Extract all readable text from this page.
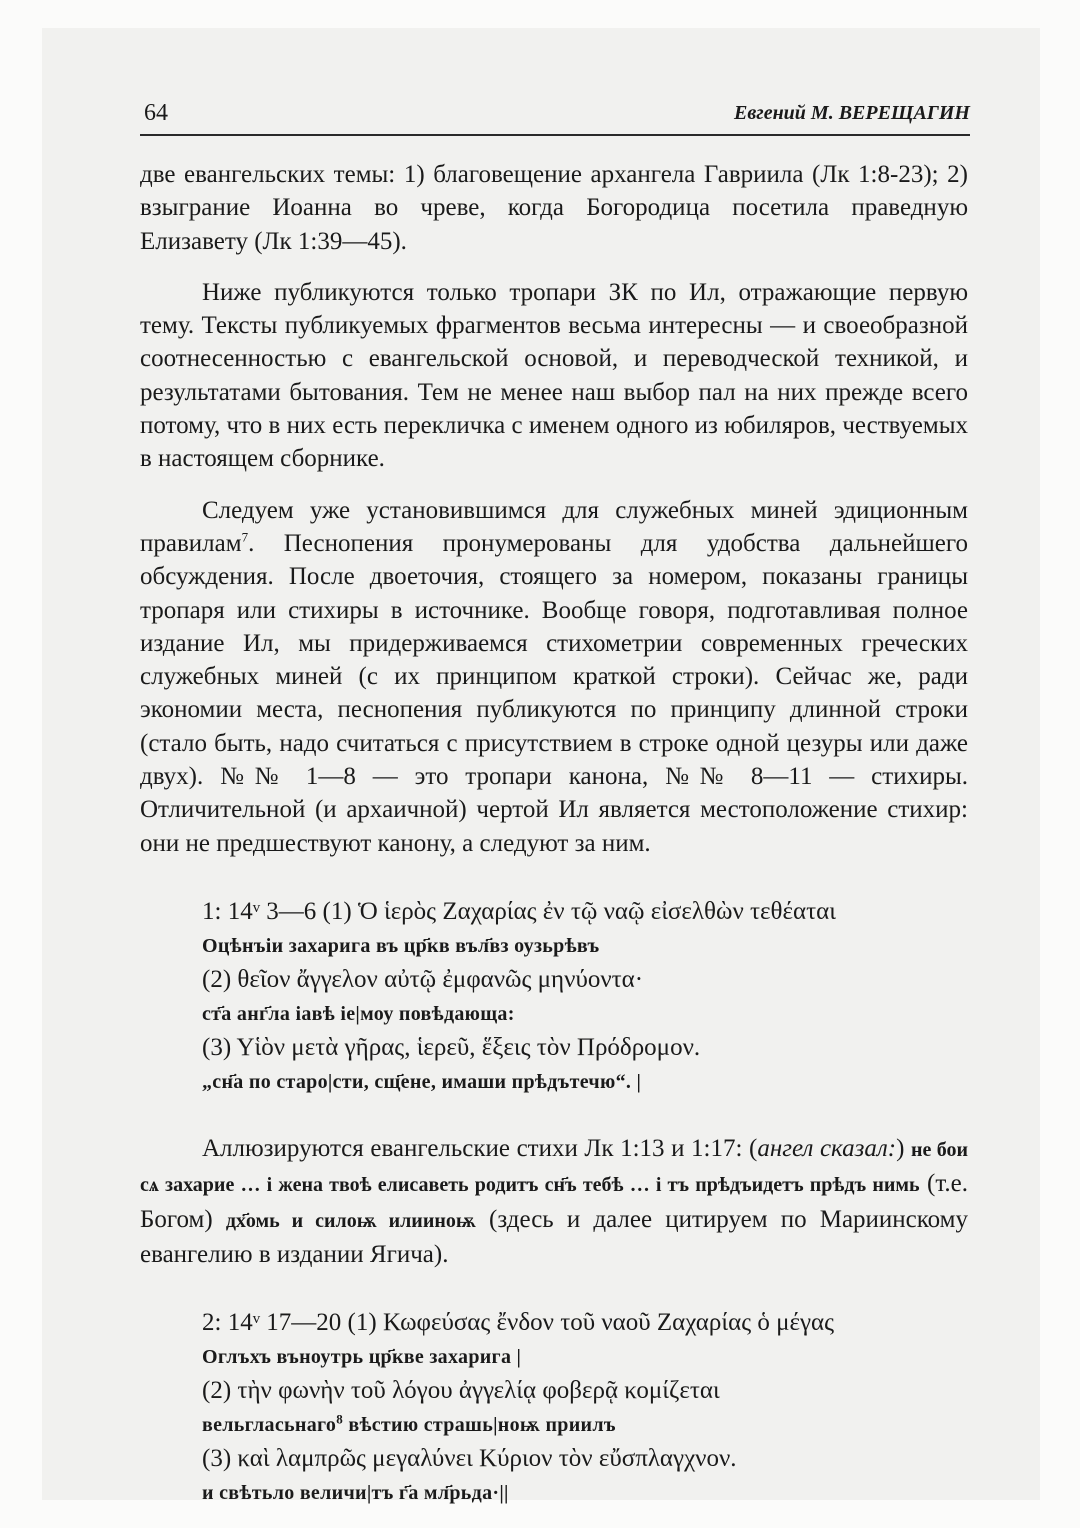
64	Евгений М. ВЕРЕЩАГИН

две евангельских темы: 1) благовещение архангела Гавриила (Лк 1:8-23); 2) взыграние Иоанна во чреве, когда Богородица посетила праведную Елизавету (Лк 1:39—45).

Ниже публикуются только тропари ЗК по Ил, отражающие первую тему. Тексты публикуемых фрагментов весьма интересны — и своеобразной соотнесенностью с евангельской основой, и переводческой техникой, и результатами бытования. Тем не менее наш выбор пал на них прежде всего потому, что в них есть перекличка с именем одного из юбиляров, чествуемых в настоящем сборнике.

Следуем уже установившимся для служебных миней эдиционным правилам$^7$. Песнопения пронумерованы для удобства дальнейшего обсуждения. После двоеточия, стоящего за номером, показаны границы тропаря или стихиры в источнике. Вообще говоря, подготавливая полное издание Ил, мы придерживаемся стихометрии современных греческих служебных миней (с их принципом краткой строки). Сейчас же, ради экономии места, песнопения публикуются по принципу длинной строки (стало быть, надо считаться с присутствием в строке одной цезуры или даже двух). №№ 1—8 — это тропари канона, №№ 8—11 — стихиры. Отличительной (и архаичной) чертой Ил является местоположение стихир: они не предшествуют канону, а следуют за ним.

1: 14ᵛ 3—6 (1) Ὁ ἱερὸς Ζαχαρίας ἐν τῷ ναῷ εἰσελθὼν τεθέαται

Оцѣнъіи захарига въ цр҃кв въл҃вз оузьрѣвъ

(2) θεῖον ἄγγελον αὐτῷ ἐμφανῶς μηνύοντα·

ст҃а анг҃ла іавѣ іе|моу повѣдающа:

(3) Υἱὸν μετὰ γῆρας, ἱερεῦ, ἕξεις τὸν Πρόδρομον.

„сн҃а по старо|сти, сщ҃ене, имаши прѣдътечю“. |

Аллюзируются евангельские стихи Лк 1:13 и 1:17: (ангел сказал:) не бои сѧ захарие … і жена твоѣ елисаветь родитъ сн҃ъ тебѣ … і тъ прѣдъидетъ прѣдъ нимь (т.е. Богом) дх҃омь и силоѭ илииноѭ (здесь и далее цитируем по Мариинскому евангелию в издании Ягича).

2: 14ᵛ 17—20 (1) Κωφεύσας ἔνδον τοῦ ναοῦ Ζαχαρίας ὁ μέγας

Оглъхъ въноутрь цр҃кве захарига |

(2) τὴν φωνὴν τοῦ λόγου ἀγγελίᾳ φοβερᾷ κομίζεται

вельгласьнаго$^8$ вѣстию страшь|ноѭ приилъ

(3) καὶ λαμπρῶς μεγαλύνει Κύριον τὸν εὔσπλαγχνον.

и свѣтьло величи|тъ г҃а мл҃рьда·||
